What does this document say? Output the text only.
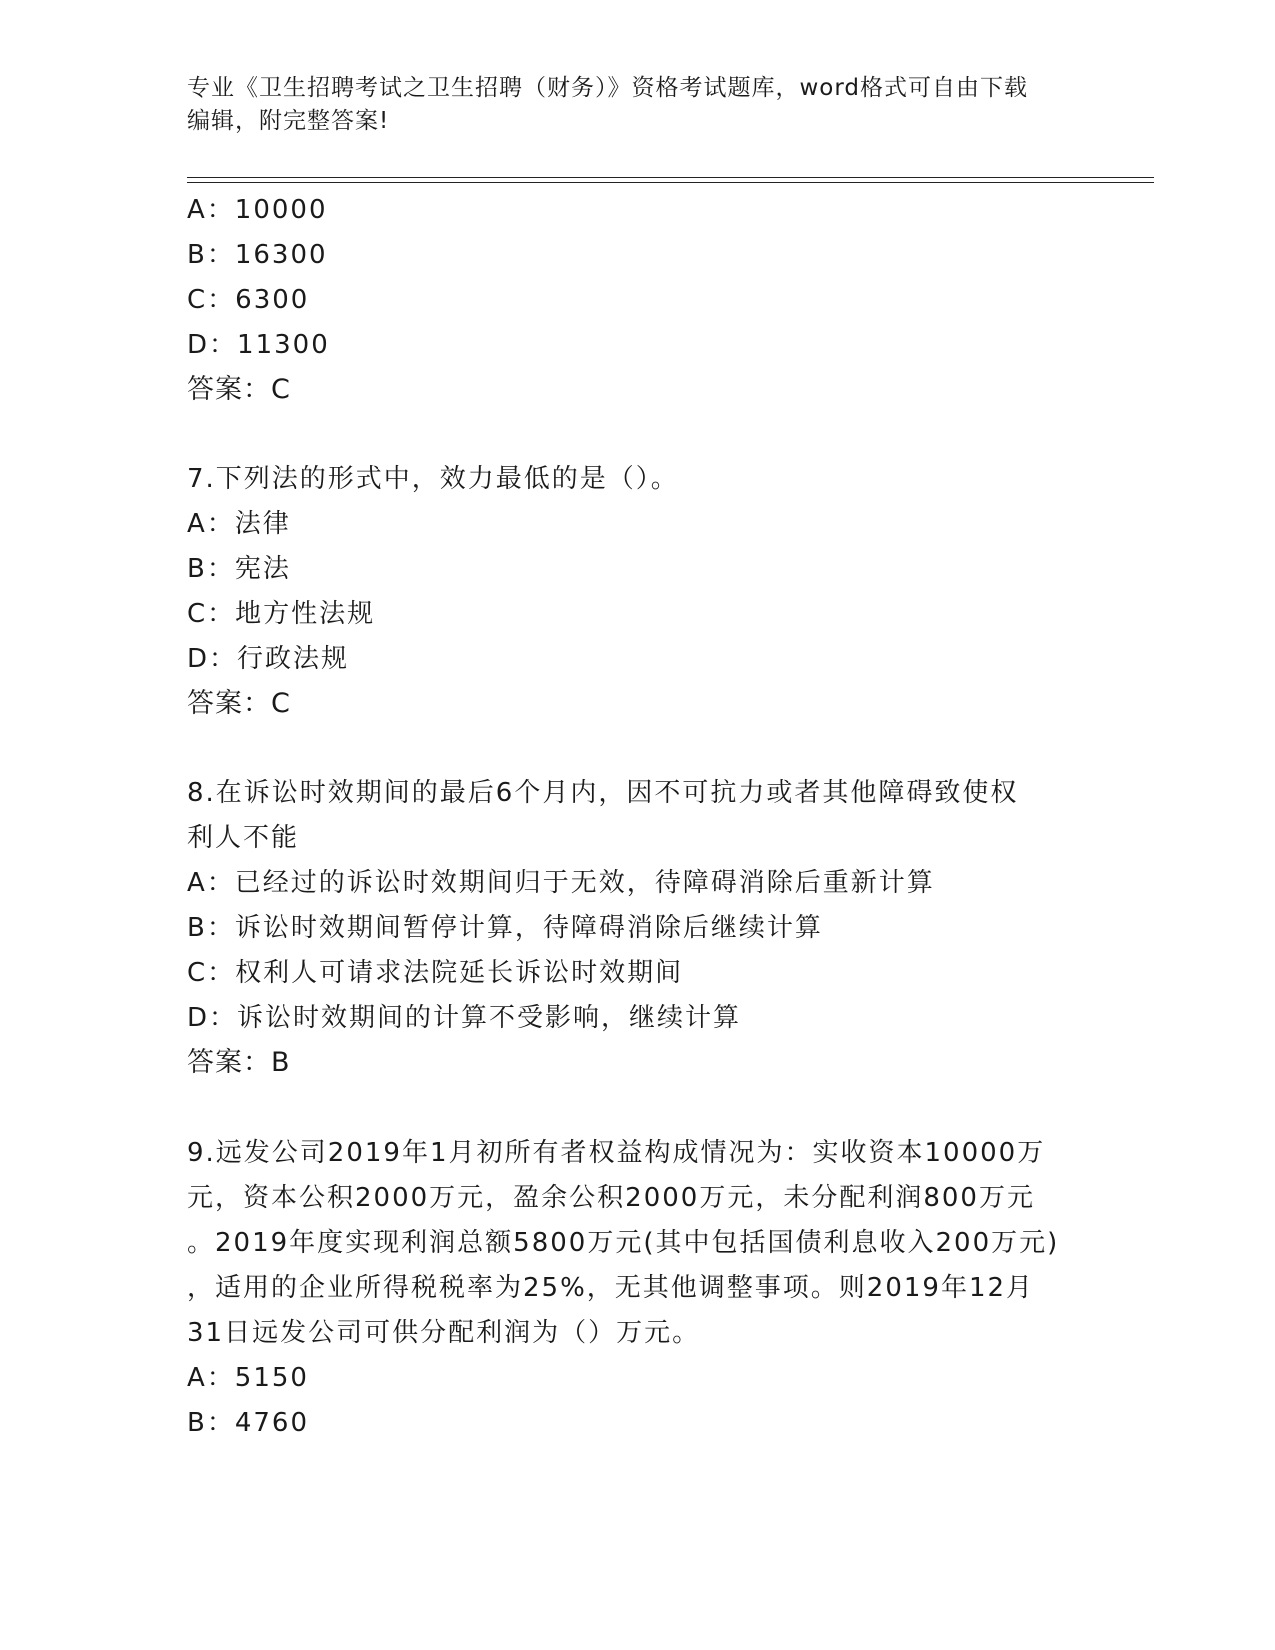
专业《卫生招聘考试之卫生招聘（财务）》资格考试题库，word格式可自由下载
编辑，附完整答案!
A：10000
B：16300
C：6300
D：11300
答案：C
7.下列法的形式中，效力最低的是（）。
A：法律
B：宪法
C：地方性法规
D：行政法规
答案：C
8.在诉讼时效期间的最后6个月内，因不可抗力或者其他障碍致使权
利人不能
A：已经过的诉讼时效期间归于无效，待障碍消除后重新计算
B：诉讼时效期间暂停计算，待障碍消除后继续计算
C：权利人可请求法院延长诉讼时效期间
D：诉讼时效期间的计算不受影响，继续计算
答案：B
9.远发公司2019年1月初所有者权益构成情况为：实收资本10000万
元，资本公积2000万元，盈余公积2000万元，未分配利润800万元
。2019年度实现利润总额5800万元(其中包括国债利息收入200万元)
，适用的企业所得税税率为25%，无其他调整事项。则2019年12月
31日远发公司可供分配利润为（）万元。
A：5150
B：4760
